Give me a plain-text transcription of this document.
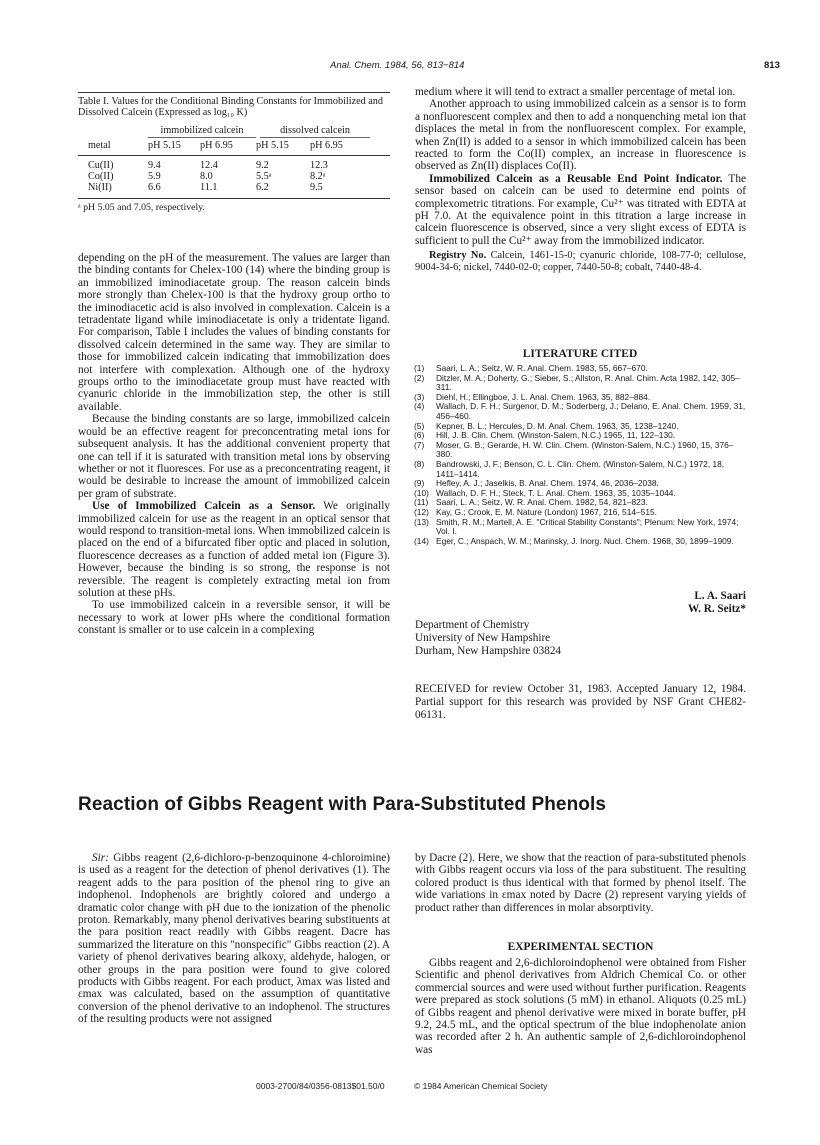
Anal. Chem. 1984, 56, 813−814	813
Table I. Values for the Conditional Binding Constants for Immobilized and Dissolved Calcein (Expressed as log₁₀ K)
immobilized calcein	dissolved calcein
metal	pH 5.15	pH 6.95	pH 5.15	pH 6.95
Cu(II)	9.4	12.4	9.2	12.3
Co(II)	5.9	8.0	5.5ᵃ	8.2ᵃ
Ni(II)	6.6	11.1	6.2	9.5
ᵃ pH 5.05 and 7.05, respectively.

depending on the pH of the measurement. The values are larger than the binding contants for Chelex-100 (14) where the binding group is an immobilized iminodiacetate group. The reason calcein binds more strongly than Chelex-100 is that the hydroxy group ortho to the iminodiacetic acid is also involved in complexation. Calcein is a tetradentate ligand while iminodiacetate is only a tridentate ligand. For comparison, Table I includes the values of binding constants for dissolved calcein determined in the same way. They are similar to those for immobilized calcein indicating that immobilization does not interfere with complexation. Although one of the hydroxy groups ortho to the iminodiacetate group must have reacted with cyanuric chloride in the immobilization step, the other is still available.

Because the binding constants are so large, immobilized calcein would be an effective reagent for preconcentrating metal ions for subsequent analysis. It has the additional convenient property that one can tell if it is saturated with transition metal ions by observing whether or not it fluoresces. For use as a preconcentrating reagent, it would be desirable to increase the amount of immobilized calcein per gram of substrate.

Use of Immobilized Calcein as a Sensor. We originally immobilized calcein for use as the reagent in an optical sensor that would respond to transition-metal ions. When immobilized calcein is placed on the end of a bifurcated fiber optic and placed in solution, fluorescence decreases as a function of added metal ion (Figure 3). However, because the binding is so strong, the response is not reversible. The reagent is completely extracting metal ion from solution at these pHs.

To use immobilized calcein in a reversible sensor, it will be necessary to work at lower pHs where the conditional formation constant is smaller or to use calcein in a complexing

medium where it will tend to extract a smaller percentage of metal ion.

Another approach to using immobilized calcein as a sensor is to form a nonfluorescent complex and then to add a nonquenching metal ion that displaces the metal in from the nonfluorescent complex. For example, when Zn(II) is added to a sensor in which immobilized calcein has been reacted to form the Co(II) complex, an increase in fluorescence is observed as Zn(II) displaces Co(II).

Immobilized Calcein as a Reusable End Point Indicator. The sensor based on calcein can be used to determine end points of complexometric titrations. For example, Cu²⁺ was titrated with EDTA at pH 7.0. At the equivalence point in this titration a large increase in calcein fluorescence is observed, since a very slight excess of EDTA is sufficient to pull the Cu²⁺ away from the immobilized indicator.

Registry No. Calcein, 1461-15-0; cyanuric chloride, 108-77-0; cellulose, 9004-34-6; nickel, 7440-02-0; copper, 7440-50-8; cobalt, 7440-48-4.

LITERATURE CITED
(1)	Saari, L. A.; Seitz, W. R. Anal. Chem. 1983, 55, 667–670.
(2)	Ditzler, M. A.; Doherty, G.; Sieber, S.; Allston, R. Anal. Chim. Acta 1982, 142, 305–311.
(3)	Diehl, H.; Ellingboe, J. L. Anal. Chem. 1963, 35, 882–884.
(4)	Wallach, D. F. H.; Surgenor, D. M.; Soderberg, J.; Delano, E. Anal. Chem. 1959, 31, 456–460.
(5)	Kepner, B. L.; Hercules, D. M. Anal. Chem. 1963, 35, 1238–1240.
(6)	Hill, J. B. Clin. Chem. (Winston-Salem, N.C.) 1965, 11, 122–130.
(7)	Moser, G. B.; Gerarde, H. W. Clin. Chem. (Winston-Salem, N.C.) 1960, 15, 376–380.
(8)	Bandrowski, J. F.; Benson, C. L. Clin. Chem. (Winston-Salem, N.C.) 1972, 18, 1411–1414.
(9)	Hefley, A. J.; Jaselkis, B. Anal. Chem. 1974, 46, 2036–2038.
(10) Wallach, D. F. H.; Steck, T. L. Anal. Chem. 1963, 35, 1035–1044.
(11) Saari, L. A.; Seitz, W. R. Anal. Chem. 1982, 54, 821–823.
(12) Kay, G.; Crook, E. M. Nature (London) 1967, 216, 514–515.
(13) Smith, R. M.; Martell, A. E. "Critical Stability Constants"; Plenum: New York, 1974; Vol. I.
(14) Eger, C.; Anspach, W. M.; Marinsky, J. Inorg. Nucl. Chem. 1968, 30, 1899–1909.
L. A. Saari
W. R. Seitz*
Department of Chemistry
University of New Hampshire
Durham, New Hampshire 03824
RECEIVED for review October 31, 1983. Accepted January 12, 1984. Partial support for this research was provided by NSF Grant CHE82-06131.
Reaction of Gibbs Reagent with Para-Substituted Phenols

Sir: Gibbs reagent (2,6-dichloro-p-benzoquinone 4-chloroimine) is used as a reagent for the detection of phenol derivatives (1). The reagent adds to the para position of the phenol ring to give an indophenol. Indophenols are brightly colored and undergo a dramatic color change with pH due to the ionization of the phenolic proton. Remarkably, many phenol derivatives bearing substituents at the para position react readily with Gibbs reagent. Dacre has summarized the literature on this "nonspecific" Gibbs reaction (2). A variety of phenol derivatives bearing alkoxy, aldehyde, halogen, or other groups in the para position were found to give colored products with Gibbs reagent. For each product, λmax was listed and εmax was calculated, based on the assumption of quantitative conversion of the phenol derivative to an indophenol. The structures of the resulting products were not assigned

by Dacre (2). Here, we show that the reaction of para-substituted phenols with Gibbs reagent occurs via loss of the para substituent. The resulting colored product is thus identical with that formed by phenol itself. The wide variations in εmax noted by Dacre (2) represent varying yields of product rather than differences in molar absorptivity.

EXPERIMENTAL SECTION

Gibbs reagent and 2,6-dichloroindophenol were obtained from Fisher Scientific and phenol derivatives from Aldrich Chemical Co. or other commercial sources and were used without further purification. Reagents were prepared as stock solutions (5 mM) in ethanol. Aliquots (0.25 mL) of Gibbs reagent and phenol derivative were mixed in borate buffer, pH 9.2, 24.5 mL, and the optical spectrum of the blue indophenolate anion was recorded after 2 h. An authentic sample of 2,6-dichloroindophenol was

0003-2700/84/0356-0813$01.50/0	© 1984 American Chemical Society
